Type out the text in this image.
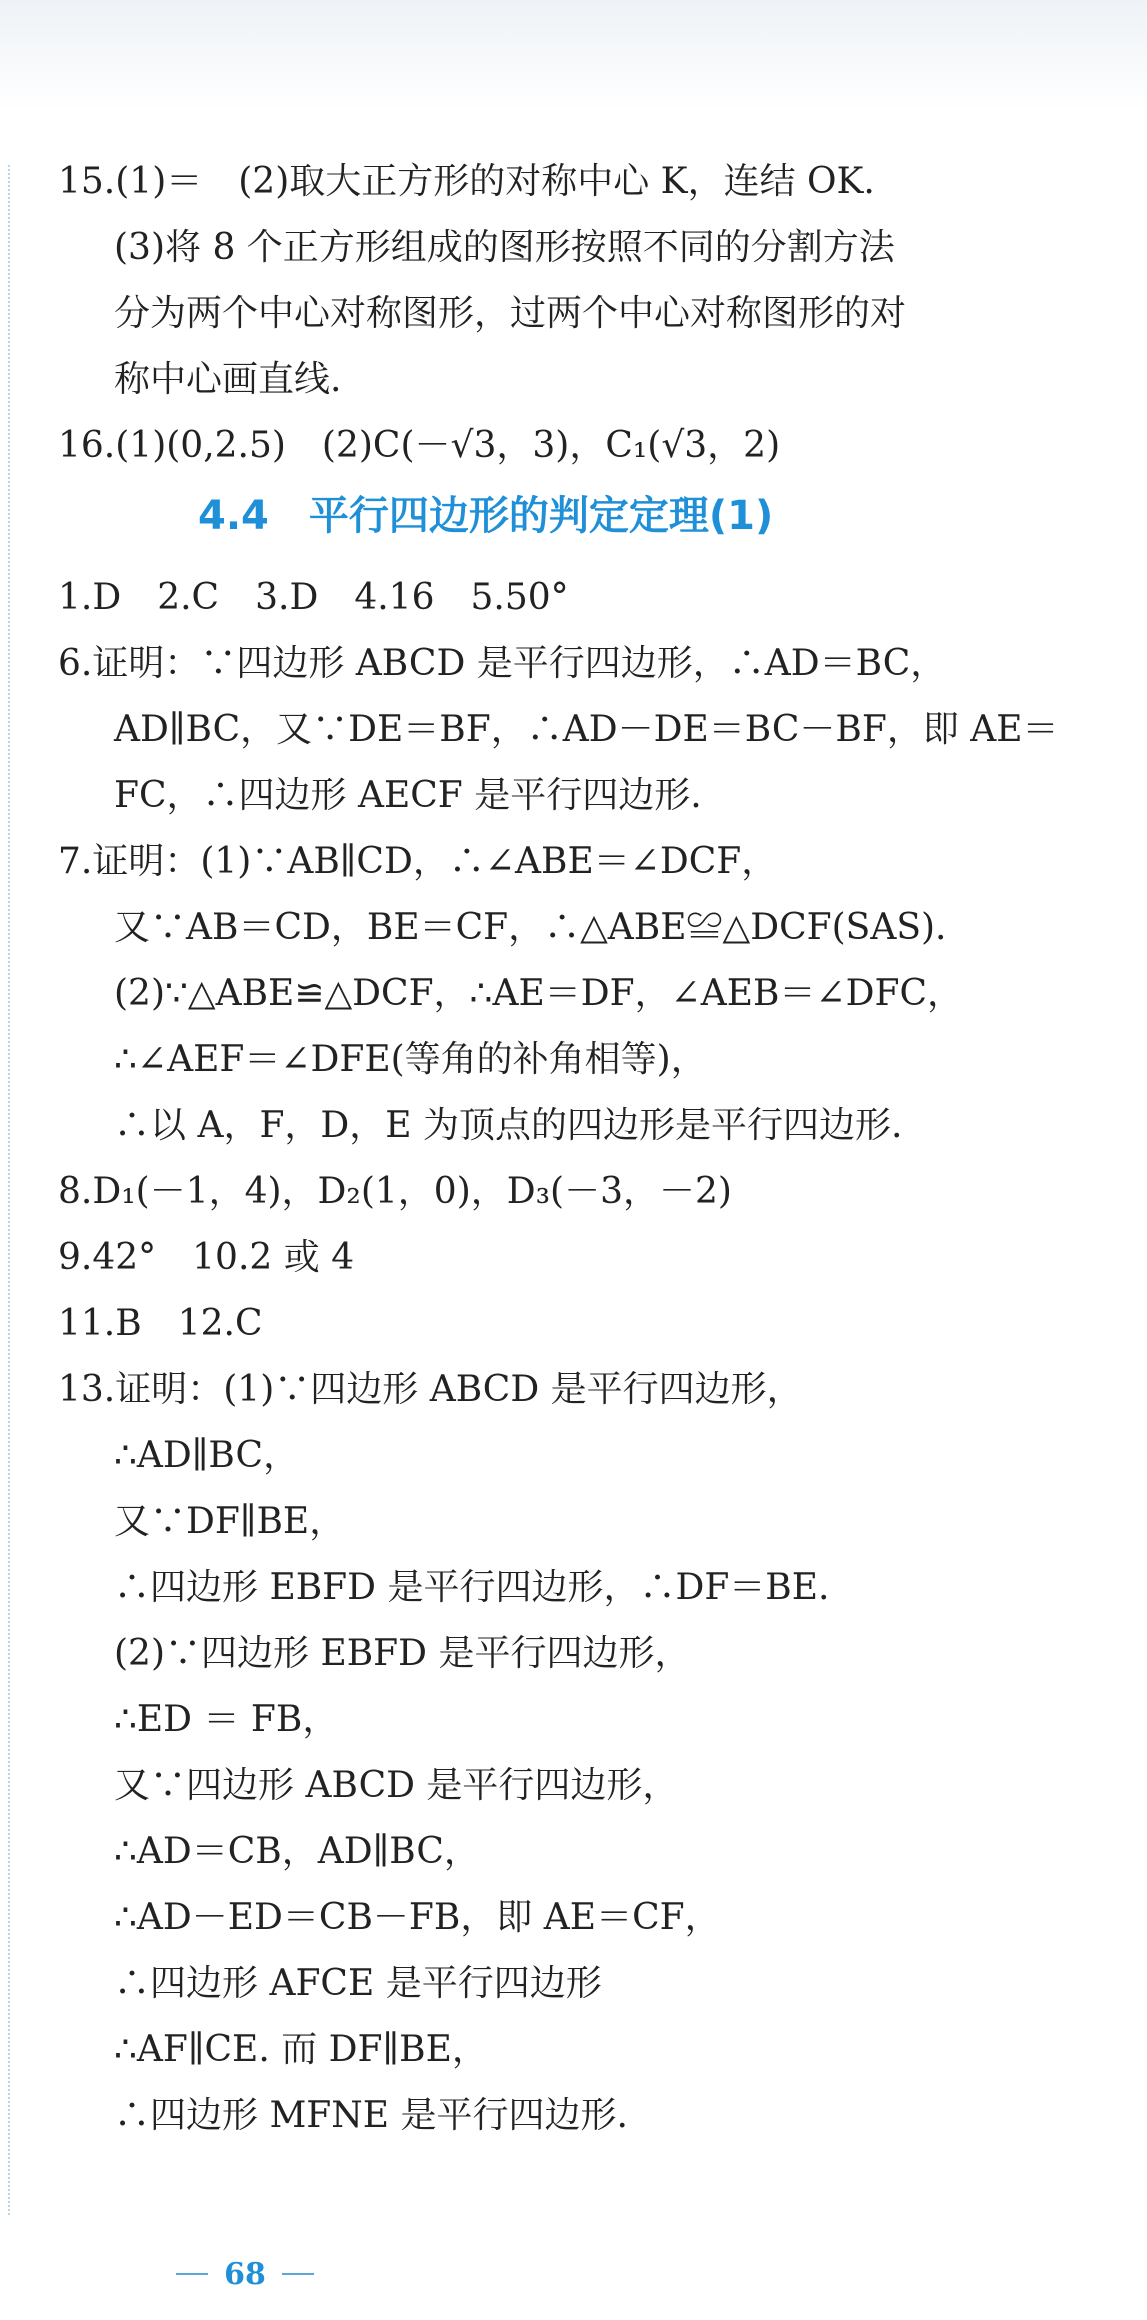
15.(1)＝　(2)取大正方形的对称中心 K，连结 OK.
(3)将 8 个正方形组成的图形按照不同的分割方法
分为两个中心对称图形，过两个中心对称图形的对
称中心画直线.
16.(1)(0,2.5)　(2)C(－√3，3)，C₁(√3，2)
4.4 平行四边形的判定定理(1)
1.D　2.C　3.D　4.16　5.50°
6.证明：∵四边形 ABCD 是平行四边形，∴AD＝BC，
AD∥BC，又∵DE＝BF，∴AD－DE＝BC－BF，即 AE＝
FC，∴四边形 AECF 是平行四边形.
7.证明：(1)∵AB∥CD，∴∠ABE＝∠DCF，
又∵AB＝CD，BE＝CF，∴△ABE≌△DCF(SAS).
(2)∵△ABE≌△DCF，∴AE＝DF，∠AEB＝∠DFC，
∴∠AEF＝∠DFE(等角的补角相等)，
∴以 A，F，D，E 为顶点的四边形是平行四边形.
8.D₁(－1，4)，D₂(1，0)，D₃(－3，－2)
9.42°　10.2 或 4
11.B　12.C
13.证明：(1)∵四边形 ABCD 是平行四边形，
∴AD∥BC，
又∵DF∥BE，
∴四边形 EBFD 是平行四边形，∴DF＝BE.
(2)∵四边形 EBFD 是平行四边形，
∴ED ＝ FB，
又∵四边形 ABCD 是平行四边形，
∴AD＝CB，AD∥BC，
∴AD－ED＝CB－FB，即 AE＝CF，
∴四边形 AFCE 是平行四边形
∴AF∥CE. 而 DF∥BE，
∴四边形 MFNE 是平行四边形.
68
